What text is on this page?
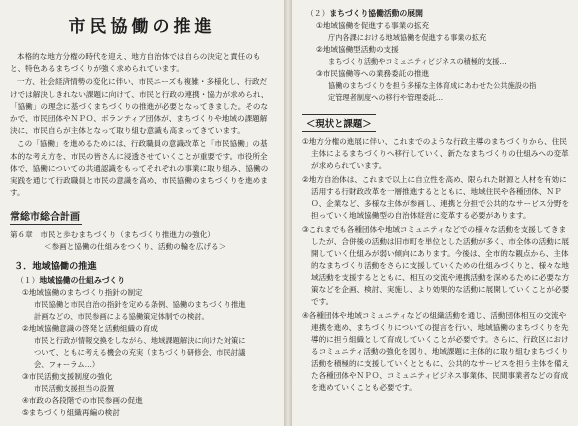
市民協働の推進

本格的な地方分権の時代を迎え、地方自治体では自らの決定と責任のもと、特色あるまちづくりが強く求められています。

一方、社会経済情勢の変化に伴い、市民ニーズも複雑・多様化し、行政だけでは解決しきれない課題に向けて、市民と行政の連携・協力が求められ、「協働」の理念に基づくまちづくりの推進が必要となってきました。そのなかで、市民団体やＮＰＯ、ボランティア団体が、まちづくりや地域の課題解決に、市民自らが主体となって取り組む意識も高まってきています。

この「協働」を進めるためには、行政職員の意識改革と「市民協働」の基本的な考え方を、市民の皆さんに浸透させていくことが重要です。市役所全体で、協働についての共通認識をもってそれぞれの事業に取り組み、協働の実践を通じて行政職員と市民の意識を高め、市民協働のまちづくりを進めます。

常総市総合計画

第６章　市民と歩むまちづくり（まちづくり推進力の強化）

＜参画と協働の仕組みをつくり、活動の輪を広げる＞

３．地域協働の推進
（１）地域協働の仕組みづくり

①地域協働のまちづくり指針の制定

市民協働と市民自治の指針を定める条例、協働のまちづくり推進

計画などの、市民参画による協働策定体制での検討。

②地域協働意識の啓発と活動組織の育成

市民と行政が情報交換をしながら、地域課題解決に向けた対策に

ついて、ともに考える機会の充実（まちづくり研修会、市民討議

会、フォーラム…）

③市民活動支援制度の強化

市民活動支援担当の設置

④市政の各段階での市民参画の促進

⑤まちづくり組織再編の検討

（２）まちづくり協働活動の展開

①地域協働を促進する事業の拡充

庁内各課における地域協働を促進する事業の拡充

②地域協働型活動の支援

まちづくり活動やコミュニティビジネスの積極的支援…

③市民協働等への業務委託の推進

協働のまちづくりを担う多様な主体育成にあわせた公共施設の指

定管理者制度への移行や管理委託…

＜現状と課題＞

①地方分権の進展に伴い、これまでのような行政主導のまちづくりから、住民主体によるまちづくりへ移行していく、新たなまちづくりの仕組みへの変革が求められています。

②地方自治体は、これまで以上に自立性を高め、限られた財源と人材を有効に活用する行財政改革を一層推進するとともに、地域住民や各種団体、ＮＰＯ、企業など、多様な主体が参画し、連携と分担で公共的なサービス分野を担っていく地域協働型の自治体経営に変革する必要があります。

③これまでも各種団体や地域コミュニティなどでの様々な活動を支援してきましたが、合併後の活動は旧市町を単位とした活動が多く、市全体の活動に展開していく仕組みが弱い傾向にあります。今後は、全市的な観点から、主体的なまちづくり活動をさらに支援していくための仕組みづくりと、様々な地域活動を支援するとともに、相互の交流や連携活動を深めるために必要な方策などを企画、検討、実施し、より効果的な活動に展開していくことが必要です。

④各種団体や地域コミュニティなどの組織活動を通じ、活動団体相互の交流や連携を進め、まちづくりについての提言を行い、地域協働のまちづくりを先導的に担う組織として育成していくことが必要です。さらに、行政区におけるコミュニティ活動の強化を図り、地域課題に主体的に取り組むまちづくり活動を積極的に支援していくとともに、公共的なサービスを担う主体を備えた各種団体やＮＰＯ、コミュニティビジネス事業体、民間事業者などの育成を進めていくことも必要です。
